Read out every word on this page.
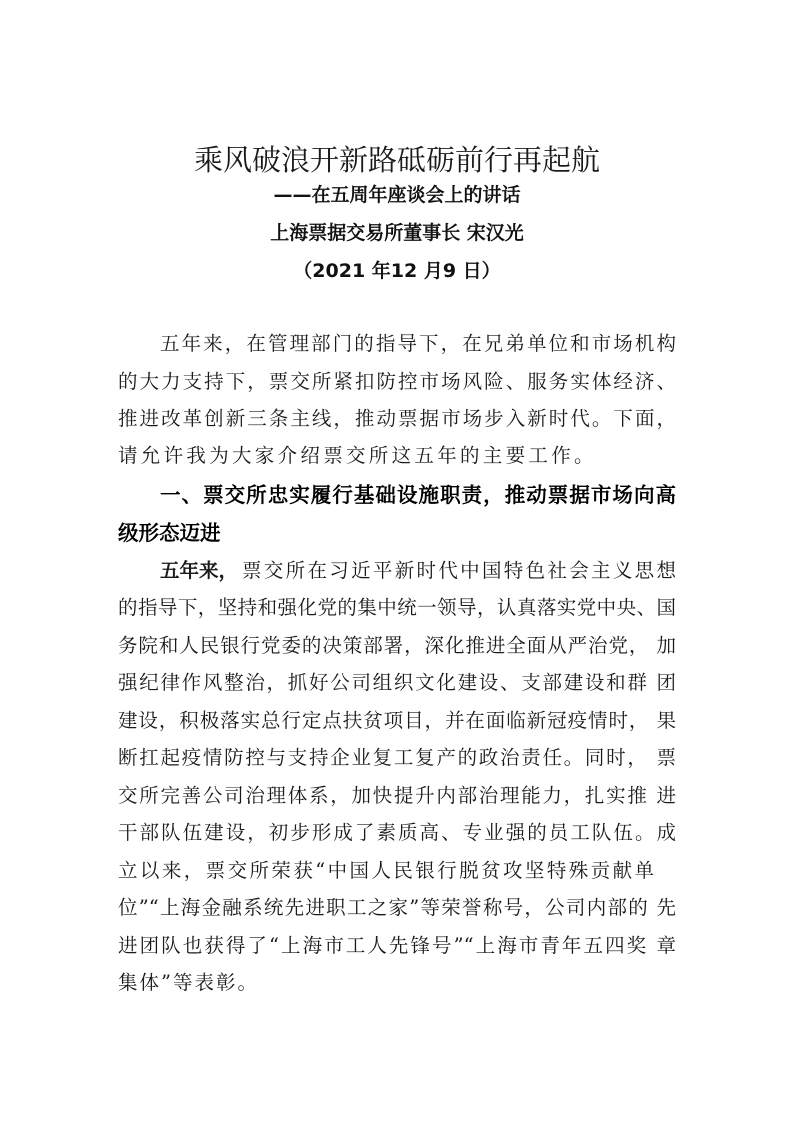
乘风破浪开新路砥砺前行再起航
——在五周年座谈会上的讲话
上海票据交易所董事长 宋汉光
（2021 年12 月9 日）
五年来，在管理部门的指导下，在兄弟单位和市场机构
的大力支持下，票交所紧扣防控市场风险、服务实体经济、
推进改革创新三条主线，推动票据市场步入新时代。下面，
请允许我为大家介绍票交所这五年的主要工作。
一、票交所忠实履行基础设施职责，推动票据市场向高
级形态迈进
五年来， 票交所在习近平新时代中国特色社会主义思想
的指导下，坚持和强化党的集中统一领导，认真落实党中央、国
务院和人民银行党委的决策部署，深化推进全面从严治党， 加
强纪律作风整治，抓好公司组织文化建设、支部建设和群 团
建设，积极落实总行定点扶贫项目，并在面临新冠疫情时， 果
断扛起疫情防控与支持企业复工复产的政治责任。同时， 票
交所完善公司治理体系，加快提升内部治理能力，扎实推 进
干部队伍建设，初步形成了素质高、专业强的员工队伍。成
立以来，票交所荣获“中国人民银行脱贫攻坚特殊贡献单
位”“上海金融系统先进职工之家”等荣誉称号，公司内部的 先
进团队也获得了“上海市工人先锋号”“上海市青年五四奖 章
集体”等表彰。
